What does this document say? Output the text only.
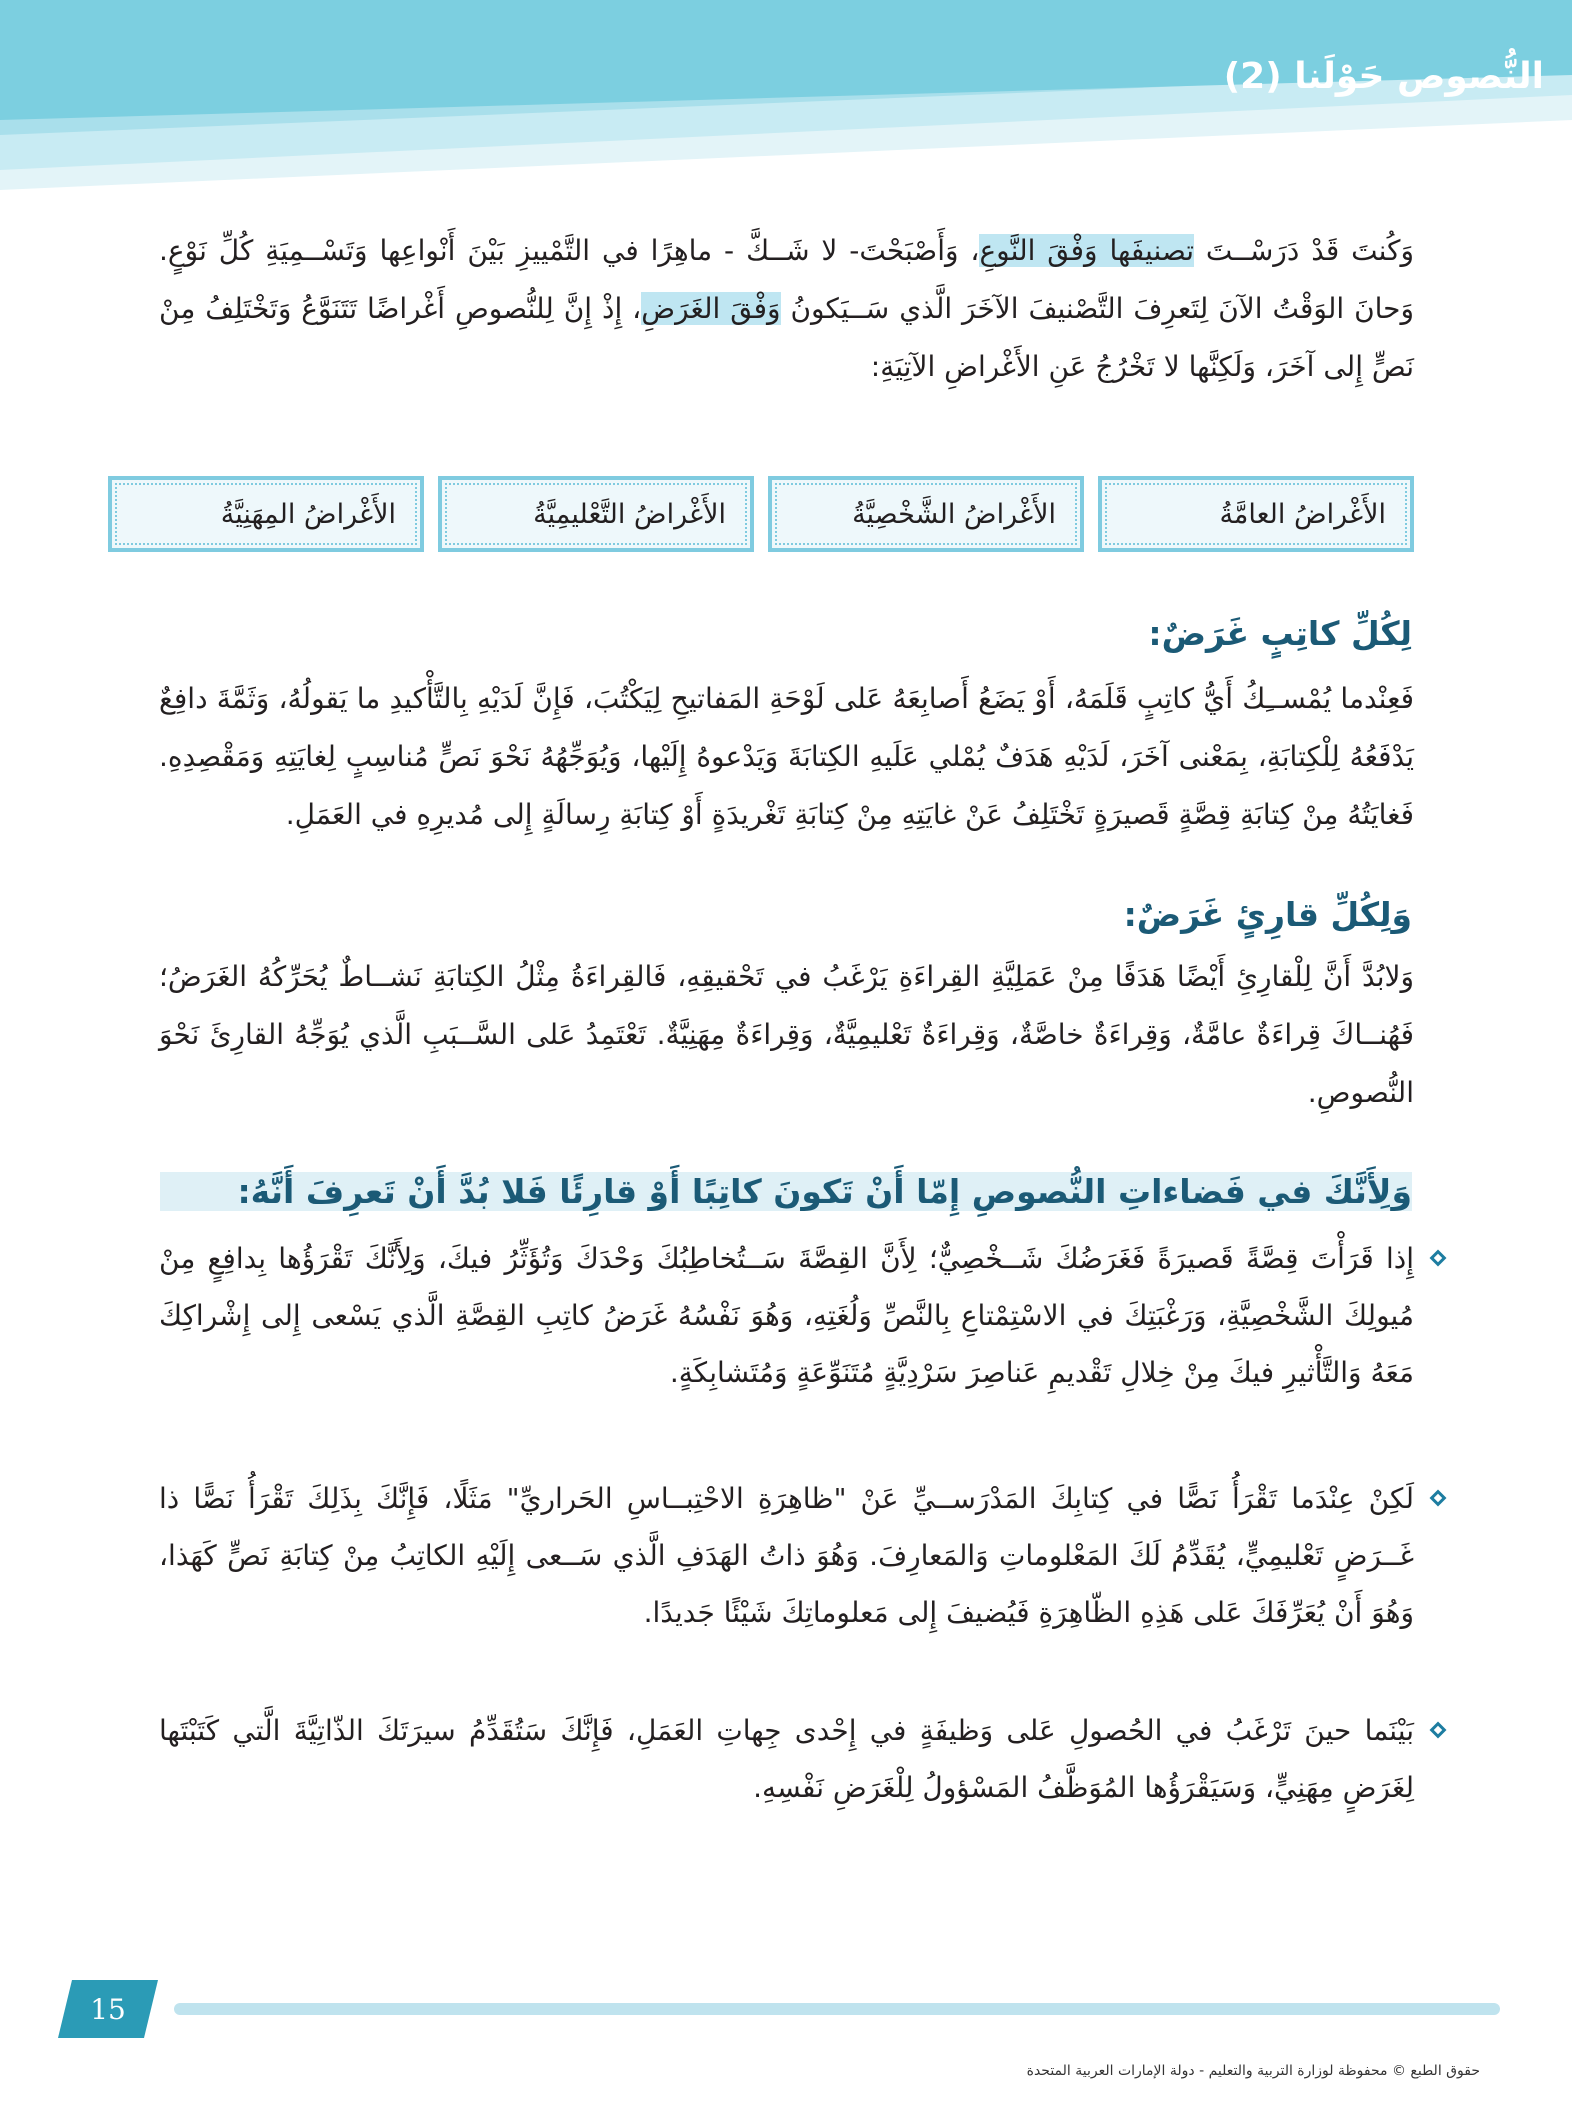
النُّصوص حَوْلَنا (2)

وَكُنتَ قَدْ دَرَسْــتَ تصنيفَها وَفْقَ النَّوعِ، وَأَصْبَحْتَ- لا شَــكَّ - ماهِرًا في التَّمْييزِ بَيْنَ أَنْواعِها وَتَسْــمِيَةِ كُلِّ نَوْعٍ. وَحانَ الوَقْتُ الآنَ لِتَعرِفَ التَّصْنيفَ الآخَرَ الَّذي سَــيَكونُ وَفْقَ الغَرَضِ، إِذْ إِنَّ لِلنُّصوصِ أَغْراضًا تَتَنَوَّعُ وَتَخْتَلِفُ مِنْ نَصٍّ إِلى آخَرَ، وَلَكِنَّها لا تَخْرُجُ عَنِ الأَغْراضِ الآتِيَةِ:

الأَغْراضُ العامَّةُ
الأَغْراضُ الشَّخْصِيَّةُ
الأَغْراضُ التَّعْليمِيَّةُ
الأَغْراضُ المِهَنِيَّةُ
لِكُلِّ كاتِبٍ غَرَضٌ:

فَعِنْدما يُمْســِكُ أَيُّ كاتِبٍ قَلَمَهُ، أَوْ يَضَعُ أَصابِعَهُ عَلى لَوْحَةِ المَفاتيحِ لِيَكْتُبَ، فَإِنَّ لَدَيْهِ بِالتَّأْكيدِ ما يَقولُهُ، وَثَمَّةَ دافِعٌ يَدْفَعُهُ لِلْكِتابَةِ، بِمَعْنى آخَرَ، لَدَيْهِ هَدَفٌ يُمْلي عَلَيهِ الكِتابَةَ وَيَدْعوهُ إِلَيْها، وَيُوَجِّهُهُ نَحْوَ نَصٍّ مُناسِبٍ لِغايَتِهِ وَمَقْصِدِهِ. فَغايَتُهُ مِنْ كِتابَةِ قِصَّةٍ قَصيرَةٍ تَخْتَلِفُ عَنْ غايَتِهِ مِنْ كِتابَةِ تَغْريدَةٍ أَوْ كِتابَةِ رِسالَةٍ إِلى مُديرِهِ في العَمَلِ.

وَلِكُلِّ قارِئٍ غَرَضٌ:

وَلابُدَّ أَنَّ لِلْقارِئِ أَيْضًا هَدَفًا مِنْ عَمَلِيَّةِ القِراءَةِ يَرْغَبُ في تَحْقيقِهِ، فَالقِراءَةُ مِثْلُ الكِتابَةِ نَشــاطٌ يُحَرِّكُهُ الغَرَضُ؛ فَهُنــاكَ قِراءَةٌ عامَّةٌ، وَقِراءَةٌ خاصَّةٌ، وَقِراءَةٌ تَعْليمِيَّةٌ، وَقِراءَةٌ مِهَنِيَّةٌ. تَعْتَمِدُ عَلى السَّــبَبِ الَّذي يُوَجِّهُ القارِئَ نَحْوَ النُّصوصِ.

وَلِأَنَّكَ في فَضاءاتِ النُّصوصِ إِمّا أَنْ تَكونَ كاتِبًا أَوْ قارِئًا فَلا بُدَّ أَنْ تَعرِفَ أَنَّهُ:
إِذا قَرَأْتَ قِصَّةً قَصيرَةً فَغَرَضُكَ شَــخْصِيٌّ؛ لِأَنَّ القِصَّةَ سَــتُخاطِبُكَ وَحْدَكَ وَتُؤَثِّرُ فيكَ، وَلِأَنَّكَ تَقْرَؤُها بِدافِعٍ مِنْ مُيولِكَ الشَّخْصِيَّةِ، وَرَغْبَتِكَ في الاسْتِمْتاعِ بِالنَّصِّ وَلُغَتِهِ، وَهُوَ نَفْسُهُ غَرَضُ كاتِبِ القِصَّةِ الَّذي يَسْعى إِلى إِشْراكِكَ مَعَهُ وَالتَّأْثيرِ فيكَ مِنْ خِلالِ تَقْديمِ عَناصِرَ سَرْدِيَّةٍ مُتَنَوِّعَةٍ وَمُتَشابِكَةٍ.
لَكِنْ عِنْدَما تَقْرَأُ نَصًّا في كِتابِكَ المَدْرَســيِّ عَنْ "ظاهِرَةِ الاحْتِبــاسِ الحَراريِّ" مَثَلًا، فَإِنَّكَ بِذَلِكَ تَقْرَأُ نَصًّا ذا غَــرَضٍ تَعْليمِيٍّ، يُقَدِّمُ لَكَ المَعْلوماتِ وَالمَعارِفَ. وَهُوَ ذاتُ الهَدَفِ الَّذي سَــعى إِلَيْهِ الكاتِبُ مِنْ كِتابَةِ نَصٍّ كَهَذا، وَهُوَ أَنْ يُعَرِّفَكَ عَلى هَذِهِ الظّاهِرَةِ فَيُضيفَ إِلى مَعلوماتِكَ شَيْئًا جَديدًا.
بَيْنَما حينَ تَرْغَبُ في الحُصولِ عَلى وَظيفَةٍ في إِحْدى جِهاتِ العَمَلِ، فَإِنَّكَ سَتُقَدِّمُ سيرَتَكَ الذّاتِيَّةَ الَّتي كَتَبْتَها لِغَرَضٍ مِهَنِيٍّ، وَسَيَقْرَؤُها المُوَظَّفُ المَسْؤولُ لِلْغَرَضِ نَفْسِهِ.
15
حقوق الطبع © محفوظة لوزارة التربية والتعليم - دولة الإمارات العربية المتحدة
